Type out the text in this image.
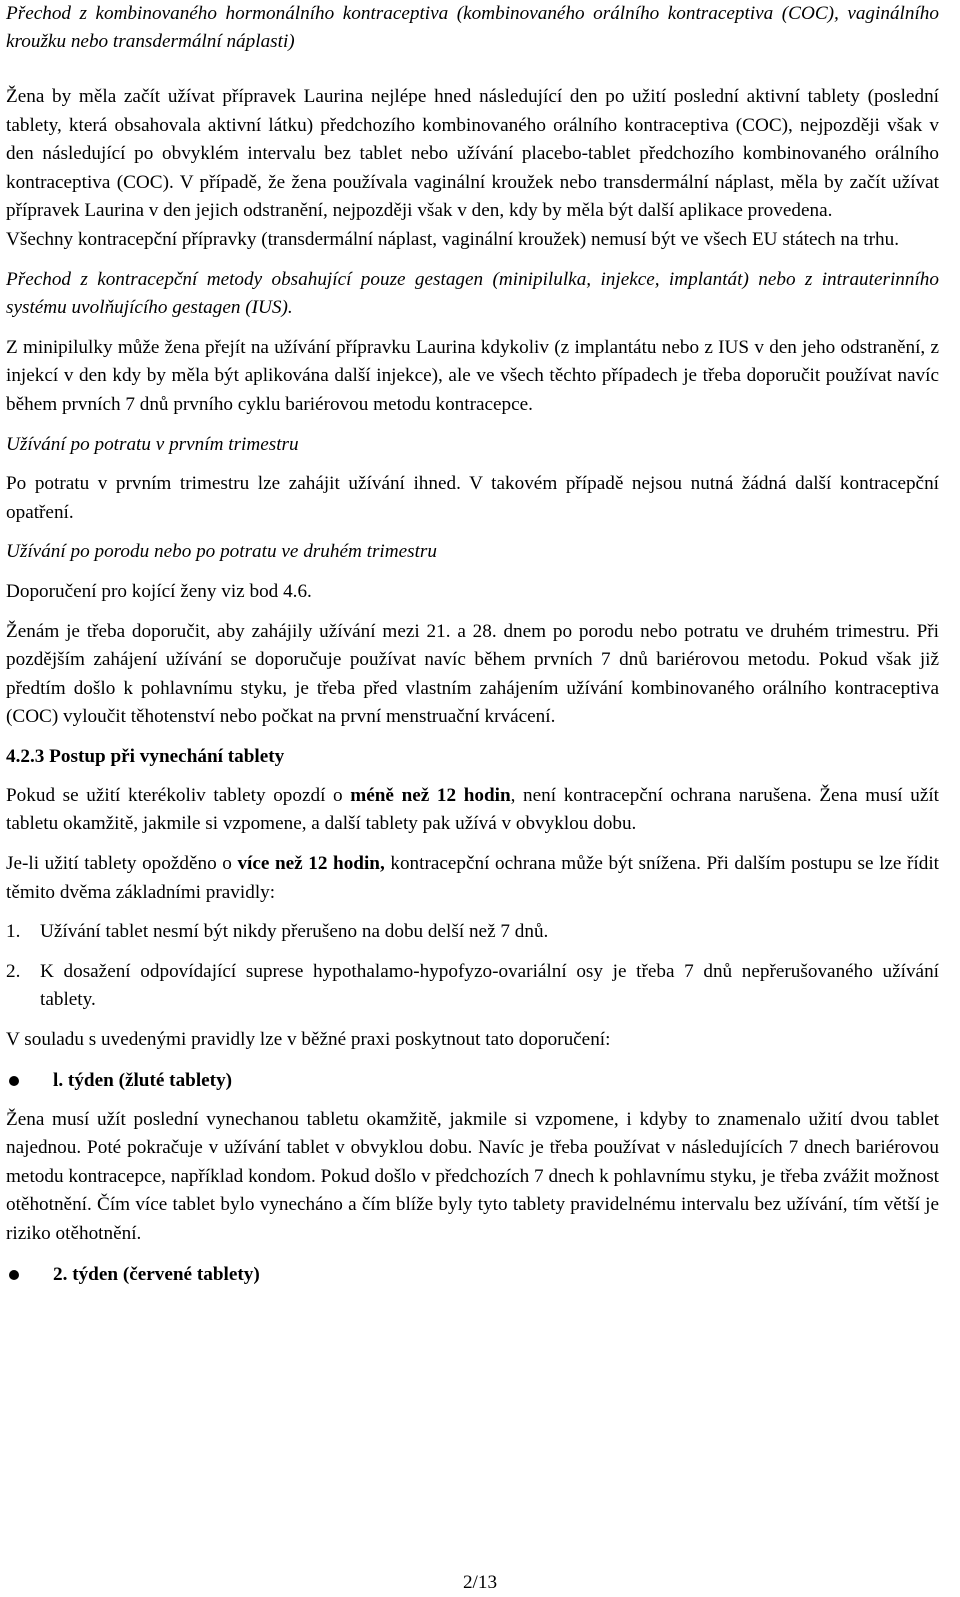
Přechod z kombinovaného hormonálního kontraceptiva (kombinovaného orálního kontraceptiva (COC), vaginálního kroužku nebo transdermální náplasti)

Žena by měla začít užívat přípravek Laurina nejlépe hned následující den po užití poslední aktivní tablety (poslední tablety, která obsahovala aktivní látku) předchozího kombinovaného orálního kontraceptiva (COC), nejpozději však v den následující po obvyklém intervalu bez tablet nebo užívání placebo-tablet předchozího kombinovaného orálního kontraceptiva (COC). V případě, že žena používala vaginální kroužek nebo transdermální náplast, měla by začít užívat přípravek Laurina v den jejich odstranění, nejpozději však v den, kdy by měla být další aplikace provedena.

Všechny kontracepční přípravky (transdermální náplast, vaginální kroužek) nemusí být ve všech EU státech na trhu.

Přechod z kontracepční metody obsahující pouze gestagen (minipilulka, injekce, implantát) nebo z intrauterinního systému uvolňujícího gestagen (IUS).

Z minipilulky může žena přejít na užívání přípravku Laurina kdykoliv (z implantátu nebo z IUS v den jeho odstranění, z injekcí v den kdy by měla být aplikována další injekce), ale ve všech těchto případech je třeba doporučit používat navíc během prvních 7 dnů prvního cyklu bariérovou metodu kontracepce.

Užívání po potratu v prvním trimestru

Po potratu v prvním trimestru lze zahájit užívání ihned. V takovém případě nejsou nutná žádná další kontracepční opatření.

Užívání po porodu nebo po potratu ve druhém trimestru

Doporučení pro kojící ženy viz bod 4.6.

Ženám je třeba doporučit, aby zahájily užívání mezi 21. a 28. dnem po porodu nebo potratu ve druhém trimestru. Při pozdějším zahájení užívání se doporučuje používat navíc během prvních 7 dnů bariérovou metodu. Pokud však již předtím došlo k pohlavnímu styku, je třeba před vlastním zahájením užívání kombinovaného orálního kontraceptiva (COC) vyloučit těhotenství nebo počkat na první menstruační krvácení.

4.2.3 Postup při vynechání tablety

Pokud se užití kterékoliv tablety opozdí o méně než 12 hodin, není kontracepční ochrana narušena. Žena musí užít tabletu okamžitě, jakmile si vzpomene, a další tablety pak užívá v obvyklou dobu.

Je-li užití tablety opožděno o více než 12 hodin, kontracepční ochrana může být snížena. Při dalším postupu se lze řídit těmito dvěma základními pravidly:

1. Užívání tablet nesmí být nikdy přerušeno na dobu delší než 7 dnů.
2. K dosažení odpovídající suprese hypothalamo-hypofyzo-ovariální osy je třeba 7 dnů nepřerušovaného užívání tablety.

V souladu s uvedenými pravidly lze v běžné praxi poskytnout tato doporučení:

l. týden (žluté tablety)

Žena musí užít poslední vynechanou tabletu okamžitě, jakmile si vzpomene, i kdyby to znamenalo užití dvou tablet najednou. Poté pokračuje v užívání tablet v obvyklou dobu. Navíc je třeba používat v následujících 7 dnech bariérovou metodu kontracepce, například kondom. Pokud došlo v předchozích 7 dnech k pohlavnímu styku, je třeba zvážit možnost otěhotnění. Čím více tablet bylo vynecháno a čím blíže byly tyto tablety pravidelnému intervalu bez užívání, tím větší je riziko otěhotnění.

2. týden (červené tablety)
2/13
